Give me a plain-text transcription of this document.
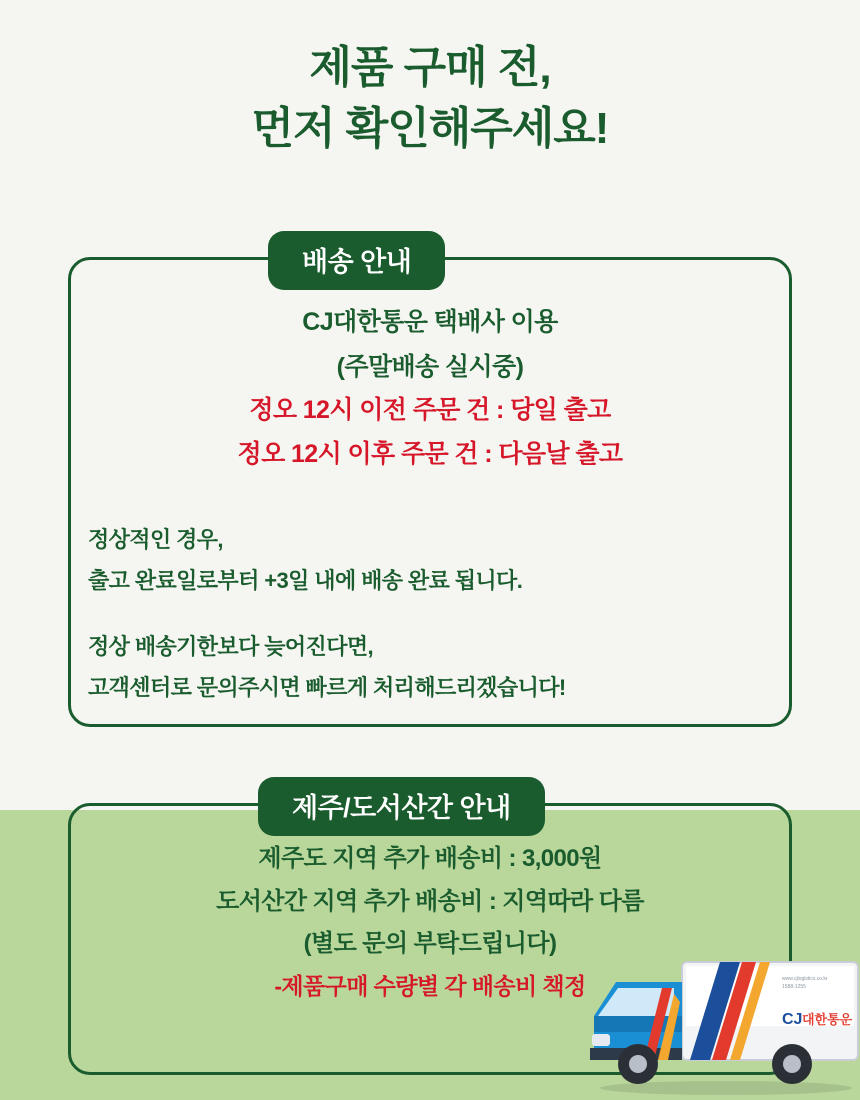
제품 구매 전,
먼저 확인해주세요!
배송 안내
CJ대한통운 택배사 이용
(주말배송 실시중)
정오 12시 이전 주문 건 : 당일 출고
정오 12시 이후 주문 건 : 다음날 출고
정상적인 경우,
출고 완료일로부터 +3일 내에 배송 완료 됩니다.
정상 배송기한보다 늦어진다면,
고객센터로 문의주시면 빠르게 처리해드리겠습니다!
제주/도서산간 안내
제주도 지역 추가 배송비 : 3,000원
도서산간 지역 추가 배송비 : 지역따라 다름
(별도 문의 부탁드립니다)
-제품구매 수량별 각 배송비 책정
CJ 대한통운
www.cjlogistics.co.kr
1588-1255
